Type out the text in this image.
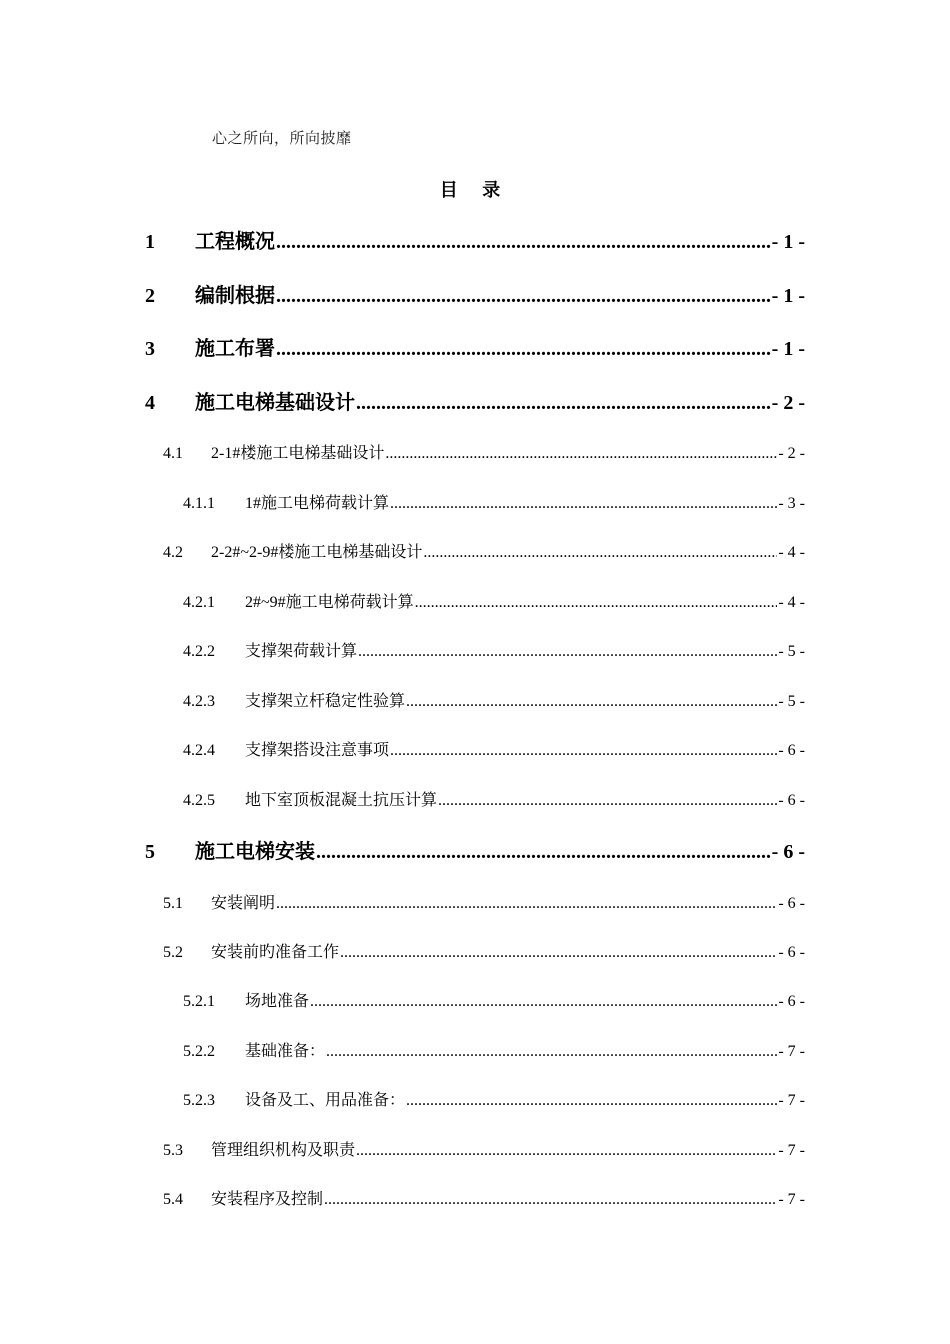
心之所向，所向披靡
目 录
1	工程概况 .....	- 1 -
2	编制根据 .....	- 1 -
3	施工布署 .....	- 1 -
4	施工电梯基础设计 .....	- 2 -
4.1	2-1#楼施工电梯基础设计 .....	- 2 -
4.1.1	1#施工电梯荷载计算 .....	- 3 -
4.2	2-2#~2-9#楼施工电梯基础设计 .....	- 4 -
4.2.1	2#~9#施工电梯荷载计算 .....	- 4 -
4.2.2	支撑架荷载计算 .....	- 5 -
4.2.3	支撑架立杆稳定性验算 .....	- 5 -
4.2.4	支撑架搭设注意事项 .....	- 6 -
4.2.5	地下室顶板混凝土抗压计算 .....	- 6 -
5	施工电梯安装 .....	- 6 -
5.1	安装阐明 .....	- 6 -
5.2	安装前旳准备工作 .....	- 6 -
5.2.1	场地准备 .....	- 6 -
5.2.2	基础准备： .....	- 7 -
5.2.3	设备及工、用品准备： .....	- 7 -
5.3	管理组织机构及职责 .....	- 7 -
5.4	安装程序及控制 .....	- 7 -
